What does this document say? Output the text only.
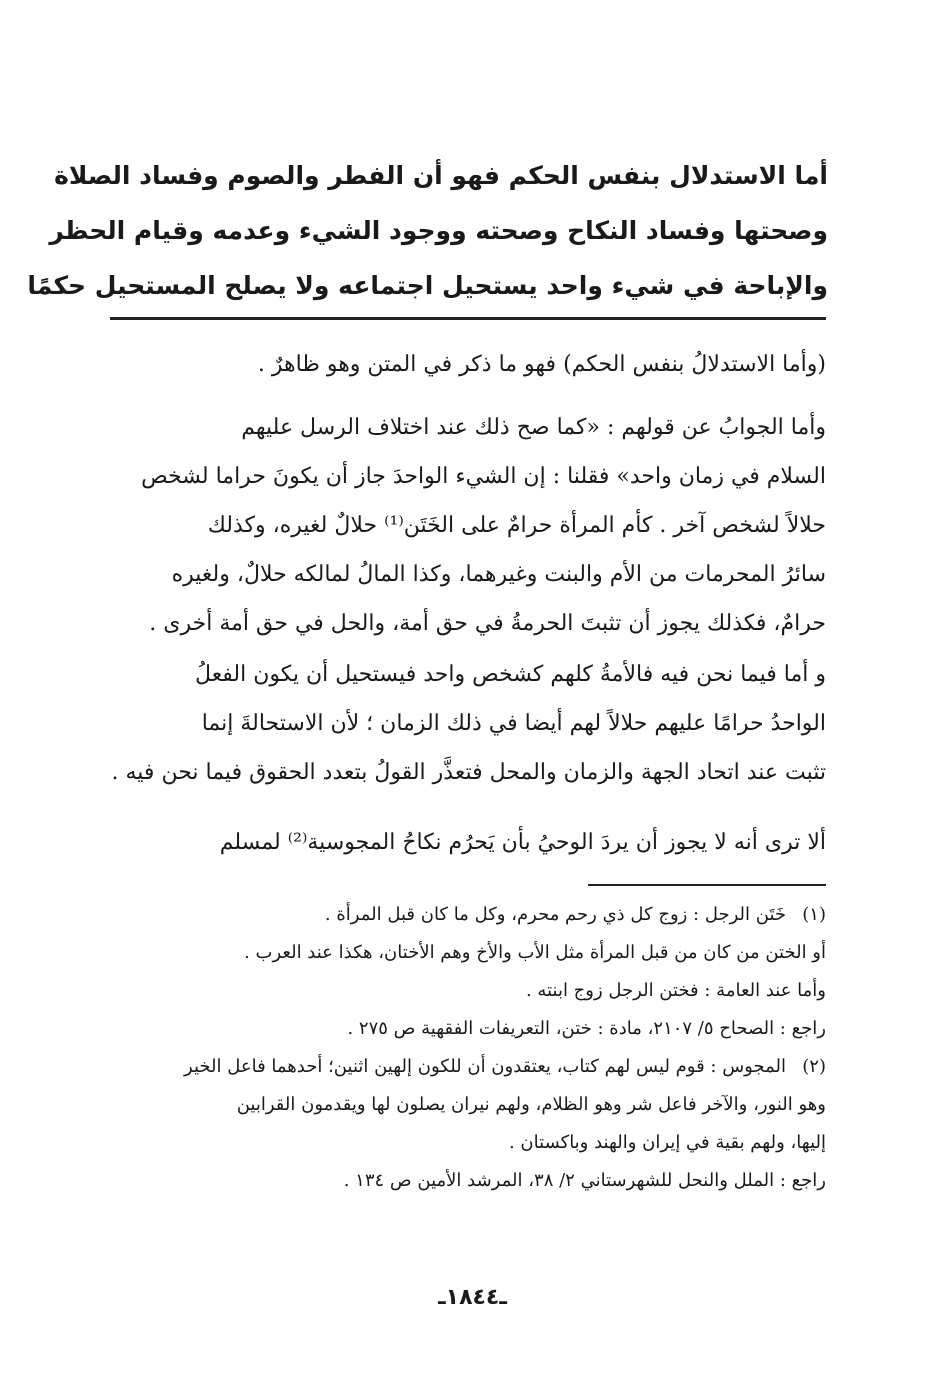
أما الاستدلال بنفس الحكم فهو أن الفطر والصوم وفساد الصلاة
وصحتها وفساد النكاح وصحته ووجود الشيء وعدمه وقيام الحظر
والإباحة في شيء واحد يستحيل اجتماعه ولا يصلح المستحيل حكمًا
(وأما الاستدلالُ بنفس الحكم) فهو ما ذكر في المتن وهو ظاهرٌ .
وأما الجوابُ عن قولهم : «كما صح ذلك عند اختلاف الرسل عليهم
السلام في زمان واحد» فقلنا : إن الشيء الواحدَ جاز أن يكونَ حراما لشخص
حلالاً لشخص آخر . كأم المرأة حرامٌ على الخَتَن⁽¹⁾ حلالٌ لغيره، وكذلك
سائرُ المحرمات من الأم والبنت وغيرهما، وكذا المالُ لمالكه حلالٌ، ولغيره
حرامٌ، فكذلك يجوز أن تثبتَ الحرمةُ في حق أمة، والحل في حق أمة أخرى .
و أما فيما نحن فيه فالأمةُ كلهم كشخص واحد فيستحيل أن يكون الفعلُ
الواحدُ حرامًا عليهم حلالاً لهم أيضا في ذلك الزمان ؛ لأن الاستحالةَ إنما
تثبت عند اتحاد الجهة والزمان والمحل فتعذَّر القولُ بتعدد الحقوق فيما نحن فيه .
ألا ترى أنه لا يجوز أن يردَ الوحيُ بأن يَحرُم نكاحُ المجوسية⁽²⁾ لمسلم
(١)
خَتَن الرجل : زوج كل ذي رحم محرم، وكل ما كان قبل المرأة .
أو الختن من كان من قبل المرأة مثل الأب والأخ وهم الأختان، هكذا عند العرب .
وأما عند العامة : فختن الرجل زوج ابنته .
راجع : الصحاح ٥/ ٢١٠٧، مادة : ختن، التعريفات الفقهية ص ٢٧٥ .
(٢)
المجوس : قوم ليس لهم كتاب، يعتقدون أن للكون إلهين اثنين؛ أحدهما فاعل الخير
وهو النور، والآخر فاعل شر وهو الظلام، ولهم نيران يصلون لها ويقدمون القرابين
إليها، ولهم بقية في إيران والهند وباكستان .
راجع : الملل والنحل للشهرستاني ٢/ ٣٨، المرشد الأمين ص ١٣٤ .
ـ١٨٤٤ـ
